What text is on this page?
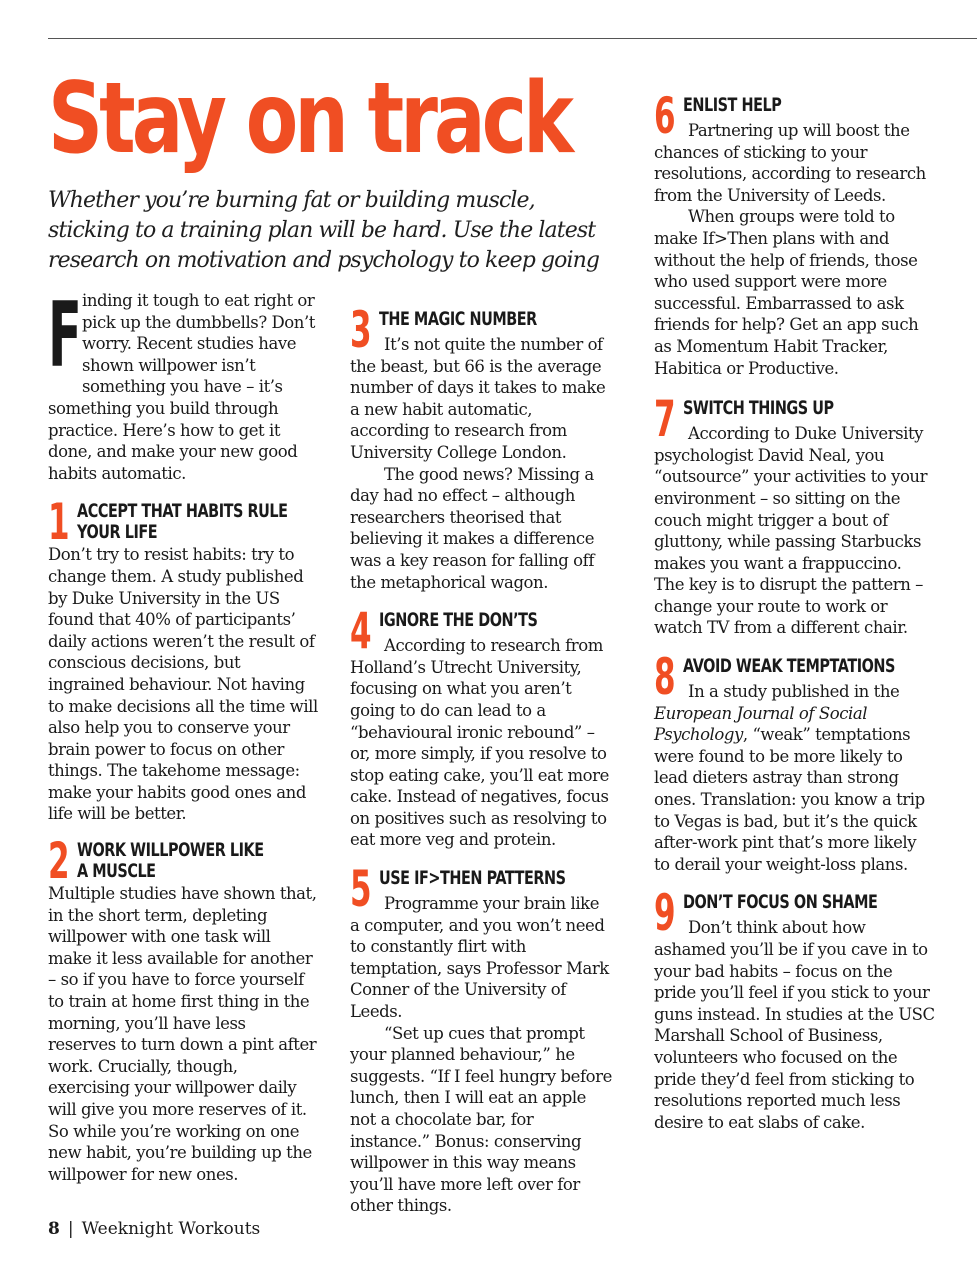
Stay on track

Whether you’re burning fat or building muscle, sticking to a training plan will be hard. Use the latest research on motivation and psychology to keep going

F inding it tough to eat right or pick up the dumbbells? Don’t worry. Recent studies have shown willpower isn’t something you have – it’s something you build through practice. Here’s how to get it done, and make your new good habits automatic.

1 ACCEPT THAT HABITS RULE
YOUR LIFE

Don’t try to resist habits: try to change them. A study published by Duke University in the US found that 40% of participants’ daily actions weren’t the result of conscious decisions, but ingrained behaviour. Not having to make decisions all the time will also help you to conserve your brain power to focus on other things. The takehome message: make your habits good ones and life will be better.

2 WORK WILLPOWER LIKE
A MUSCLE

Multiple studies have shown that, in the short term, depleting willpower with one task will make it less available for another – so if you have to force yourself to train at home first thing in the morning, you’ll have less reserves to turn down a pint after work. Crucially, though, exercising your willpower daily will give you more reserves of it. So while you’re working on one new habit, you’re building up the willpower for new ones.

3 THE MAGIC NUMBER

It’s not quite the number of the beast, but 66 is the average number of days it takes to make a new habit automatic, according to research from University College London.

The good news? Missing a day had no effect – although researchers theorised that believing it makes a difference was a key reason for falling off the metaphorical wagon.

4 IGNORE THE DON’TS

According to research from Holland’s Utrecht University, focusing on what you aren’t going to do can lead to a “behavioural ironic rebound” – or, more simply, if you resolve to stop eating cake, you’ll eat more cake. Instead of negatives, focus on positives such as resolving to eat more veg and protein.

5 USE IF>THEN PATTERNS

Programme your brain like a computer, and you won’t need to constantly flirt with temptation, says Professor Mark Conner of the University of Leeds.

“Set up cues that prompt your planned behaviour,” he suggests. “If I feel hungry before lunch, then I will eat an apple not a chocolate bar, for instance.” Bonus: conserving willpower in this way means you’ll have more left over for other things.

6 ENLIST HELP

Partnering up will boost the chances of sticking to your resolutions, according to research from the University of Leeds.

When groups were told to make If>Then plans with and without the help of friends, those who used support were more successful. Embarrassed to ask friends for help? Get an app such as Momentum Habit Tracker, Habitica or Productive.

7 SWITCH THINGS UP

According to Duke University psychologist David Neal, you “outsource” your activities to your environment – so sitting on the couch might trigger a bout of gluttony, while passing Starbucks makes you want a frappuccino. The key is to disrupt the pattern – change your route to work or watch TV from a different chair.

8 AVOID WEAK TEMPTATIONS

In a study published in the European Journal of Social Psychology, “weak” temptations were found to be more likely to lead dieters astray than strong ones. Translation: you know a trip to Vegas is bad, but it’s the quick after-work pint that’s more likely to derail your weight-loss plans.

9 DON’T FOCUS ON SHAME

Don’t think about how ashamed you’ll be if you cave in to your bad habits – focus on the pride you’ll feel if you stick to your guns instead. In studies at the USC Marshall School of Business, volunteers who focused on the pride they’d feel from sticking to resolutions reported much less desire to eat slabs of cake.

8 | Weeknight Workouts
